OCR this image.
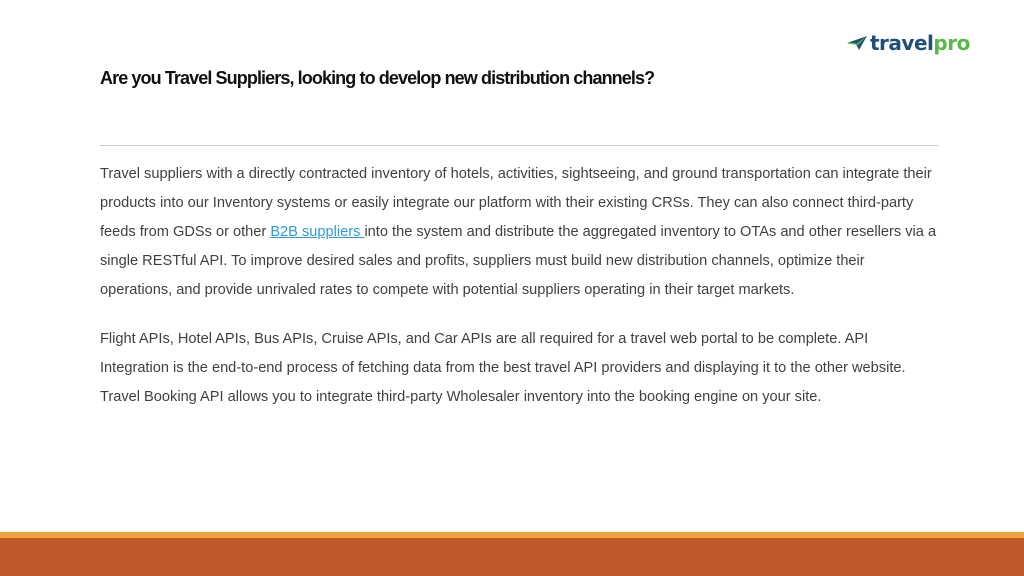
travelpro
Are you Travel Suppliers, looking to develop new distribution channels?

Travel suppliers with a directly contracted inventory of hotels, activities, sightseeing, and ground transportation can integrate their products into our Inventory systems or easily integrate our platform with their existing CRSs. They can also connect third-party feeds from GDSs or other B2B suppliers into the system and distribute the aggregated inventory to OTAs and other resellers via a single RESTful API. To improve desired sales and profits, suppliers must build new distribution channels, optimize their operations, and provide unrivaled rates to compete with potential suppliers operating in their target markets.

Flight APIs, Hotel APIs, Bus APIs, Cruise APIs, and Car APIs are all required for a travel web portal to be complete. API Integration is the end-to-end process of fetching data from the best travel API providers and displaying it to the other website. Travel Booking API allows you to integrate third-party Wholesaler inventory into the booking engine on your site.
